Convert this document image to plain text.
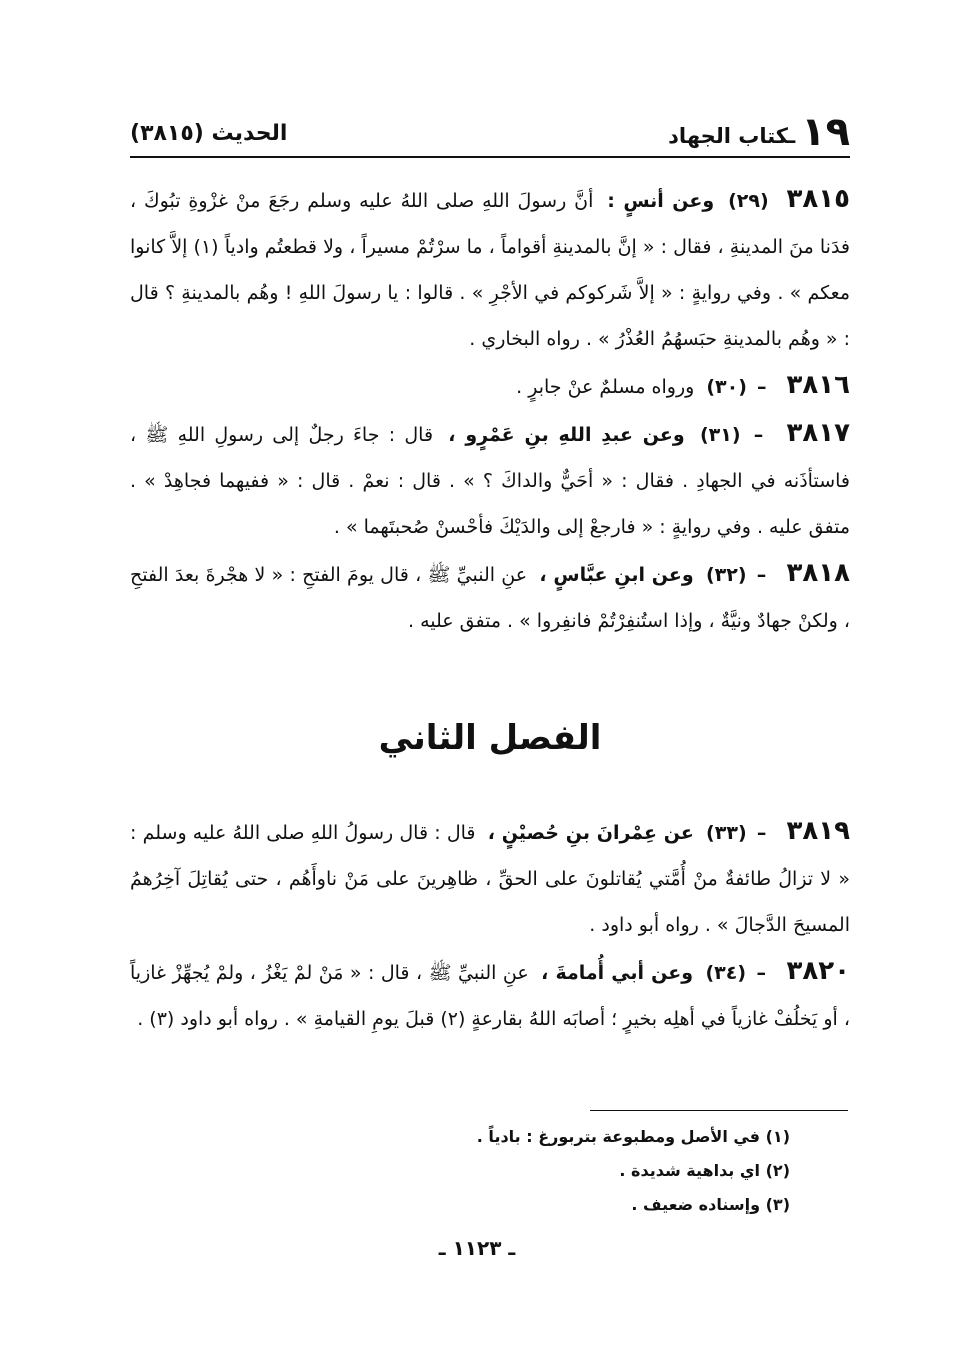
١٩
ـكتاب الجهاد
الحديث (٣٨١٥)

٣٨١٥ (٢٩) وعن أنسٍ : أنَّ رسولَ اللهِ صلى اللهُ عليه وسلم رجَعَ منْ غزْوةِ تبُوكَ ، فدَنا منَ المدينةِ ، فقال : « إنَّ بالمدينةِ أقواماً ، ما سرْتُمْ مسيراً ، ولا قطعتُم وادياً (١) إلاَّ كانوا معكم » . وفي روايةٍ : « إلاَّ شَركوكم في الأجْرِ » . قالوا : يا رسولَ اللهِ ! وهُم بالمدينةِ ؟ قال : « وهُم بالمدينةِ حبَسهُمُ العُذْرُ » . رواه البخاري .

٣٨١٦ – (٣٠) ورواه مسلمٌ عنْ جابرٍ .

٣٨١٧ – (٣١) وعن عبدِ اللهِ بنِ عَمْرٍو ، قال : جاءَ رجلٌ إلى رسولِ اللهِ ﷺ ، فاستأذَنه في الجهادِ . فقال : « أحَيٌّ والداكَ ؟ » . قال : نعمْ . قال : « ففيهما فجاهِدْ » . متفق عليه . وفي روايةٍ : « فارجعْ إلى والدَيْكَ فأحْسنْ صُحبتَهما » .

٣٨١٨ – (٣٢) وعن ابنِ عبَّاسٍ ، عنِ النبيِّ ﷺ ، قال يومَ الفتحِ : « لا هجْرةَ بعدَ الفتحِ ، ولكنْ جهادٌ ونيَّةٌ ، وإذا استُنفِرْتُمْ فانفِروا » . متفق عليه .

الفصل الثاني

٣٨١٩ – (٣٣) عن عِمْرانَ بنِ حُصيْنٍ ، قال : قال رسولُ اللهِ صلى اللهُ عليه وسلم : « لا تزالُ طائفةٌ منْ أُمَّتي يُقاتلونَ على الحقِّ ، ظاهِرينَ على مَنْ ناوأَهُم ، حتى يُقاتِلَ آخِرُهمُ المسيحَ الدَّجالَ » . رواه أبو داود .

٣٨٢٠ – (٣٤) وعن أبي أُمامةَ ، عنِ النبيِّ ﷺ ، قال : « مَنْ لمْ يَغْزُ ، ولمْ يُجهِّزْ غازياً ، أو يَخلُفْ غازياً في أهلِه بخيرٍ ؛ أصابَه اللهُ بقارعةٍ (٢) قبلَ يومِ القيامةِ » . رواه أبو داود (٣) .

(١) في الأصل ومطبوعة بتربورغ : بادياً .
(٢) اي بداهية شديدة .
(٣) وإسناده ضعيف .
ـ ١١٢٣ ـ
